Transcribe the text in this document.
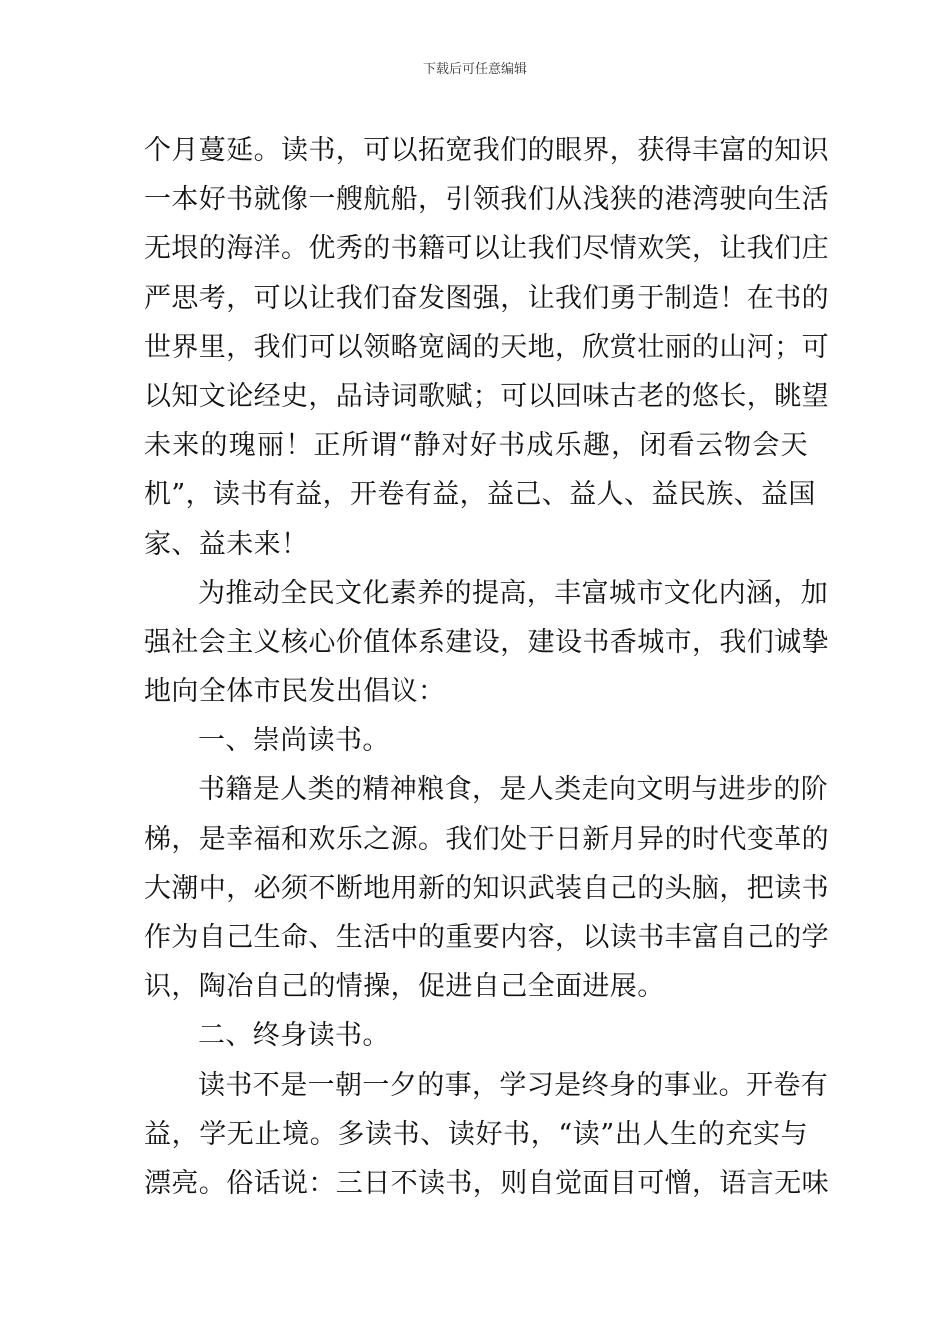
下载后可任意编辑
个月蔓延。读书，可以拓宽我们的眼界，获得丰富的知识
一本好书就像一艘航船，引领我们从浅狭的港湾驶向生活
无垠的海洋。优秀的书籍可以让我们尽情欢笑，让我们庄
严思考，可以让我们奋发图强，让我们勇于制造！在书的
世界里，我们可以领略宽阔的天地，欣赏壮丽的山河；可
以知文论经史，品诗词歌赋；可以回味古老的悠长，眺望
未来的瑰丽！正所谓“静对好书成乐趣，闭看云物会天
机”，读书有益，开卷有益，益己、益人、益民族、益国
家、益未来！
为推动全民文化素养的提高，丰富城市文化内涵，加
强社会主义核心价值体系建设，建设书香城市，我们诚挚
地向全体市民发出倡议：
一、崇尚读书。
书籍是人类的精神粮食，是人类走向文明与进步的阶
梯，是幸福和欢乐之源。我们处于日新月异的时代变革的
大潮中，必须不断地用新的知识武装自己的头脑，把读书
作为自己生命、生活中的重要内容，以读书丰富自己的学
识，陶冶自己的情操，促进自己全面进展。
二、终身读书。
读书不是一朝一夕的事，学习是终身的事业。开卷有
益，学无止境。多读书、读好书，“读”出人生的充实与
漂亮。俗话说：三日不读书，则自觉面目可憎，语言无味
